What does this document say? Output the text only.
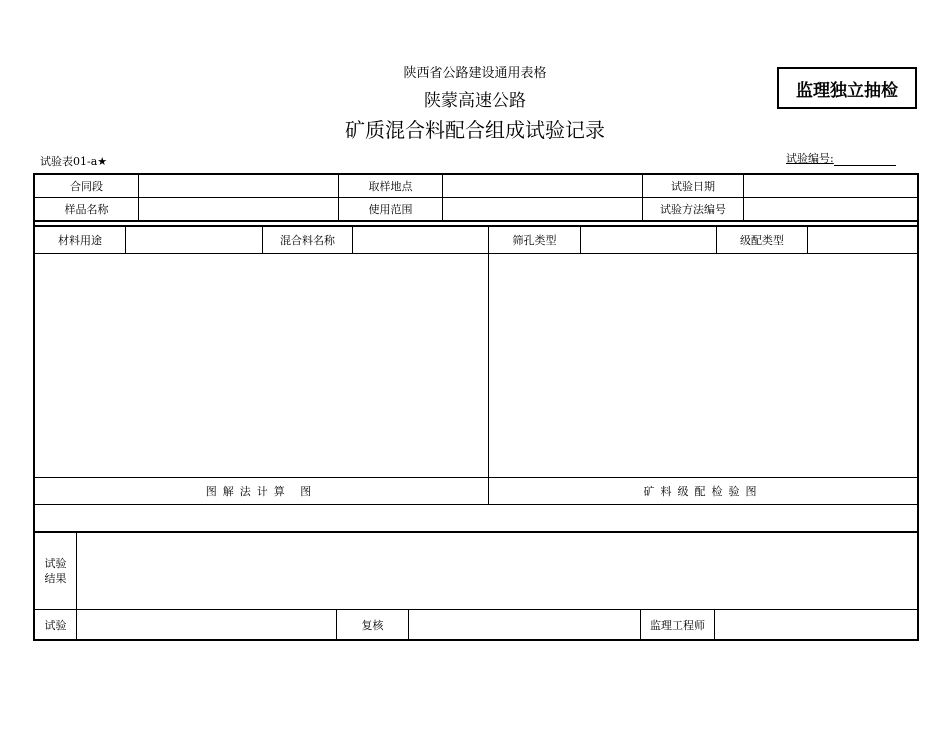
陕西省公路建设通用表格
陕蒙高速公路
矿质混合料配合组成试验记录
监理独立抽检
试验表01-a★	试验编号:
合同段	取样地点	试验日期
样品名称	使用范围	试验方法编号
材料用途	混合料名称	筛孔类型	级配类型
图解法计算 图	矿料级配检验图
试验
结果
试验	复核	监理工程师
